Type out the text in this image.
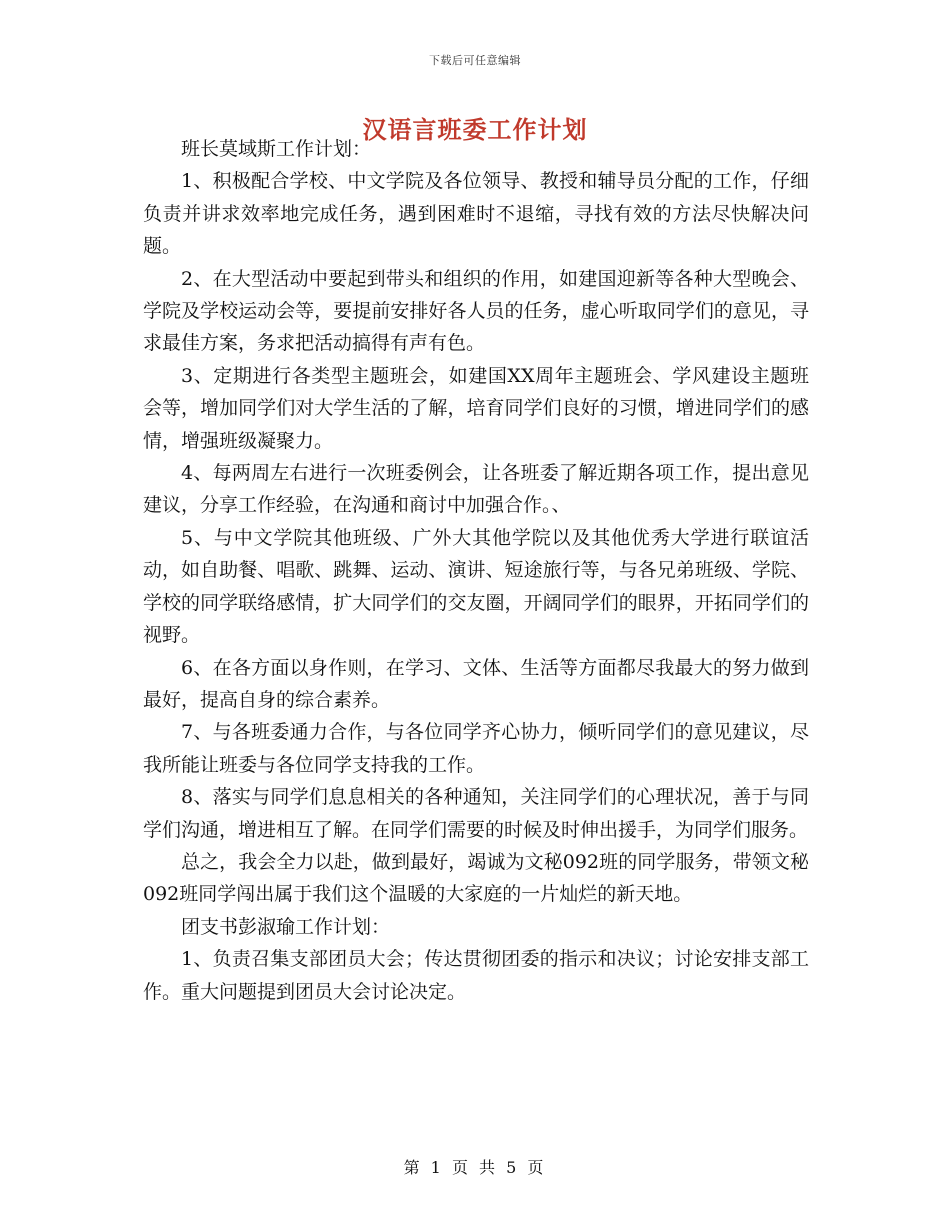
下载后可任意编辑
汉语言班委工作计划

班长莫域斯工作计划：

1、积极配合学校、中文学院及各位领导、教授和辅导员分配的工作，仔细负责并讲求效率地完成任务，遇到困难时不退缩，寻找有效的方法尽快解决问题。

2、在大型活动中要起到带头和组织的作用，如建国迎新等各种大型晚会、学院及学校运动会等，要提前安排好各人员的任务，虚心听取同学们的意见，寻求最佳方案，务求把活动搞得有声有色。

3、定期进行各类型主题班会，如建国XX周年主题班会、学风建设主题班会等，增加同学们对大学生活的了解，培育同学们良好的习惯，增进同学们的感情，增强班级凝聚力。

4、每两周左右进行一次班委例会，让各班委了解近期各项工作，提出意见建议，分享工作经验，在沟通和商讨中加强合作。、

5、与中文学院其他班级、广外大其他学院以及其他优秀大学进行联谊活动，如自助餐、唱歌、跳舞、运动、演讲、短途旅行等，与各兄弟班级、学院、学校的同学联络感情，扩大同学们的交友圈，开阔同学们的眼界，开拓同学们的视野。

6、在各方面以身作则，在学习、文体、生活等方面都尽我最大的努力做到最好，提高自身的综合素养。

7、与各班委通力合作，与各位同学齐心协力，倾听同学们的意见建议，尽我所能让班委与各位同学支持我的工作。

8、落实与同学们息息相关的各种通知，关注同学们的心理状况，善于与同学们沟通，增进相互了解。在同学们需要的时候及时伸出援手，为同学们服务。

总之，我会全力以赴，做到最好，竭诚为文秘092班的同学服务，带领文秘092班同学闯出属于我们这个温暖的大家庭的一片灿烂的新天地。

团支书彭淑瑜工作计划：

1、负责召集支部团员大会；传达贯彻团委的指示和决议；讨论安排支部工作。重大问题提到团员大会讨论决定。

第 1 页 共 5 页
